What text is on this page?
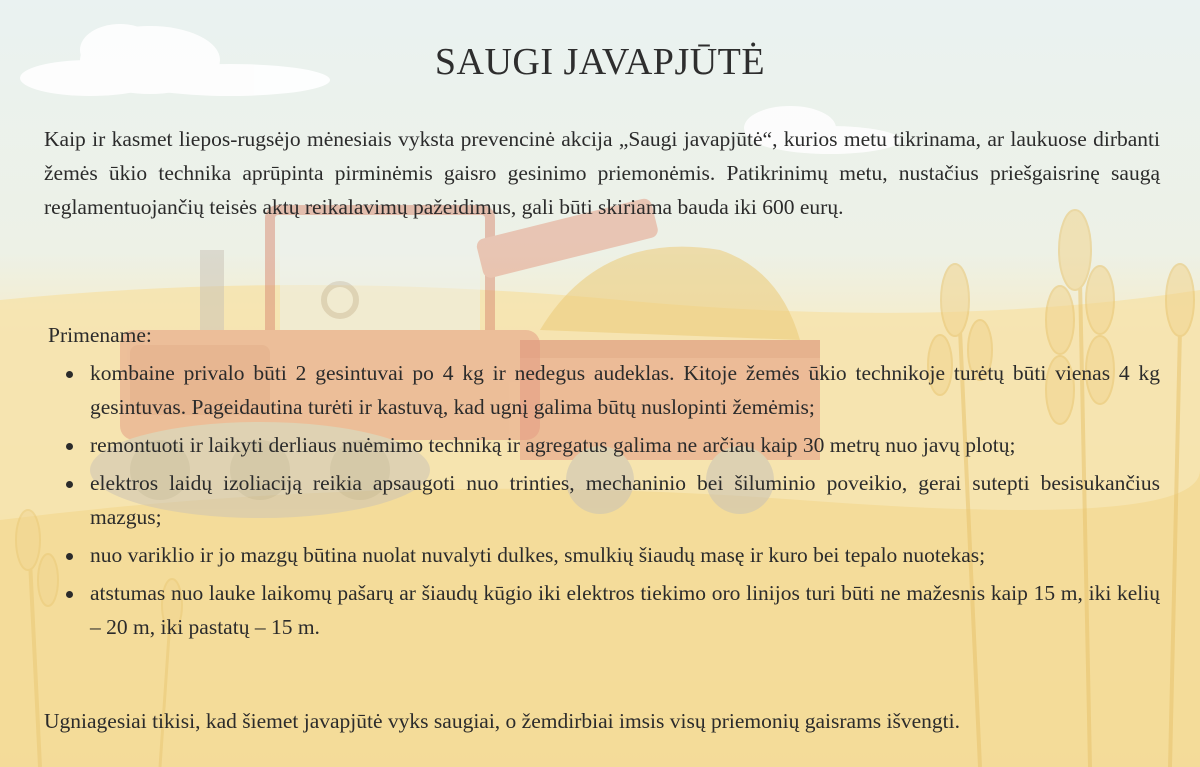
SAUGI JAVAPJŪTĖ

Kaip ir kasmet liepos-rugsėjo mėnesiais vyksta prevencinė akcija „Saugi javapjūtė“, kurios metu tikrinama, ar laukuose dirbanti žemės ūkio technika aprūpinta pirminėmis gaisro gesinimo priemonėmis. Patikrinimų metu, nustačius priešgaisrinę saugą reglamentuojančių teisės aktų reikalavimų pažeidimus, gali būti skiriama bauda iki 600 eurų.

Primename:

kombaine privalo būti 2 gesintuvai po 4 kg ir nedegus audeklas. Kitoje žemės ūkio technikoje turėtų būti vienas 4 kg gesintuvas. Pageidautina turėti ir kastuvą, kad ugnį galima būtų nuslopinti žemėmis;
remontuoti ir laikyti derliaus nuėmimo techniką ir agregatus galima ne arčiau kaip 30 metrų nuo javų plotų;
elektros laidų izoliaciją reikia apsaugoti nuo trinties, mechaninio bei šiluminio poveikio, gerai sutepti besisukančius mazgus;
nuo variklio ir jo mazgų būtina nuolat nuvalyti dulkes, smulkių šiaudų masę ir kuro bei tepalo nuotekas;
atstumas nuo lauke laikomų pašarų ar šiaudų kūgio iki elektros tiekimo oro linijos turi būti ne mažesnis kaip 15 m, iki kelių – 20 m, iki pastatų – 15 m.

Ugniagesiai tikisi, kad šiemet javapjūtė vyks saugiai, o žemdirbiai imsis visų priemonių gaisrams išvengti.
